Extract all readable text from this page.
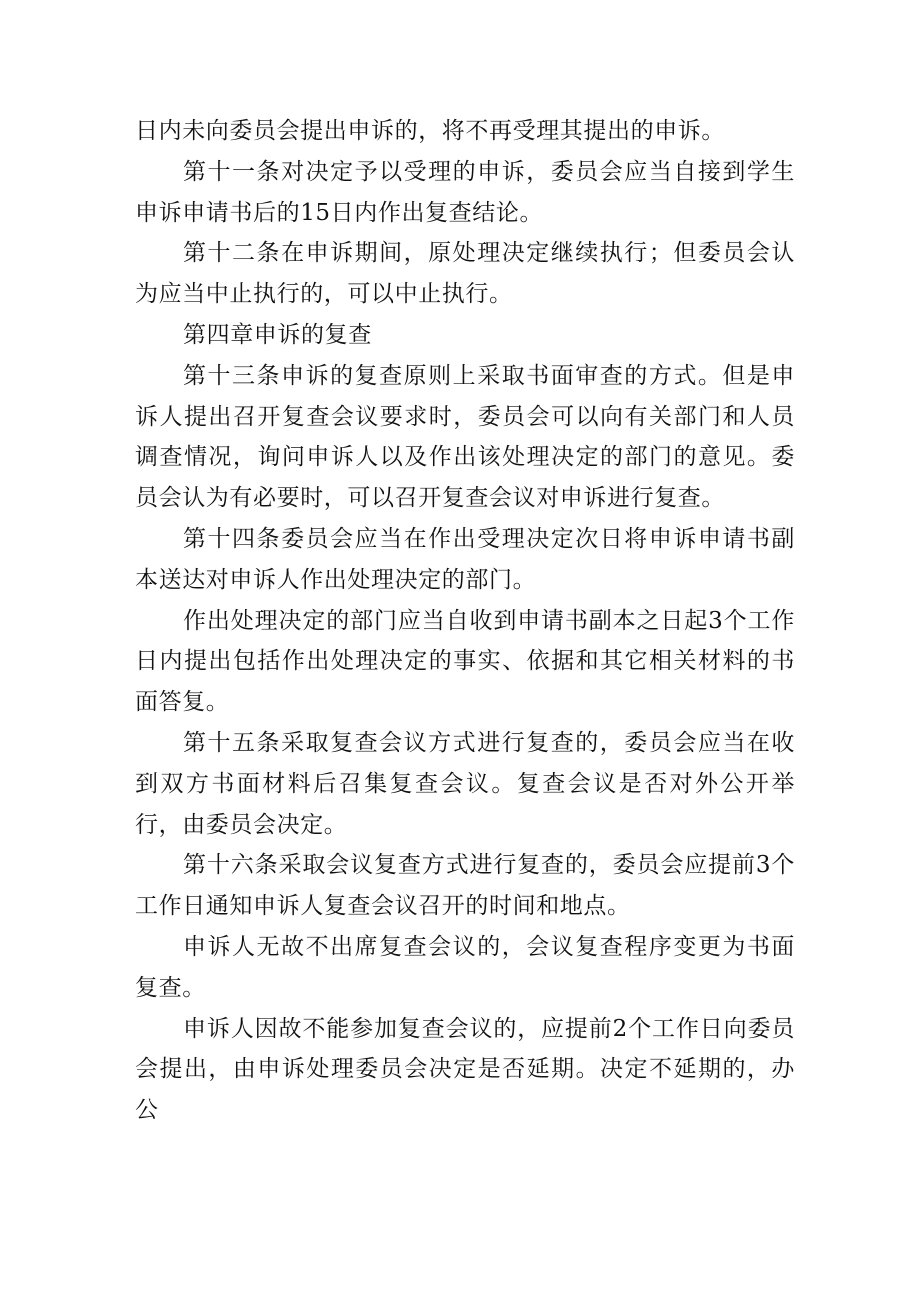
日内未向委员会提出申诉的，将不再受理其提出的申诉。

第十一条对决定予以受理的申诉，委员会应当自接到学生申诉申请书后的15日内作出复查结论。

第十二条在申诉期间，原处理决定继续执行；但委员会认为应当中止执行的，可以中止执行。

第四章申诉的复查

第十三条申诉的复查原则上采取书面审查的方式。但是申诉人提出召开复查会议要求时，委员会可以向有关部门和人员调查情况，询问申诉人以及作出该处理决定的部门的意见。委员会认为有必要时，可以召开复查会议对申诉进行复查。

第十四条委员会应当在作出受理决定次日将申诉申请书副本送达对申诉人作出处理决定的部门。

作出处理决定的部门应当自收到申请书副本之日起3个工作日内提出包括作出处理决定的事实、依据和其它相关材料的书面答复。

第十五条采取复查会议方式进行复查的，委员会应当在收到双方书面材料后召集复查会议。复查会议是否对外公开举行，由委员会决定。

第十六条采取会议复查方式进行复查的，委员会应提前3个工作日通知申诉人复查会议召开的时间和地点。

申诉人无故不出席复查会议的，会议复查程序变更为书面复查。

申诉人因故不能参加复查会议的，应提前2个工作日向委员会提出，由申诉处理委员会决定是否延期。决定不延期的，办公
